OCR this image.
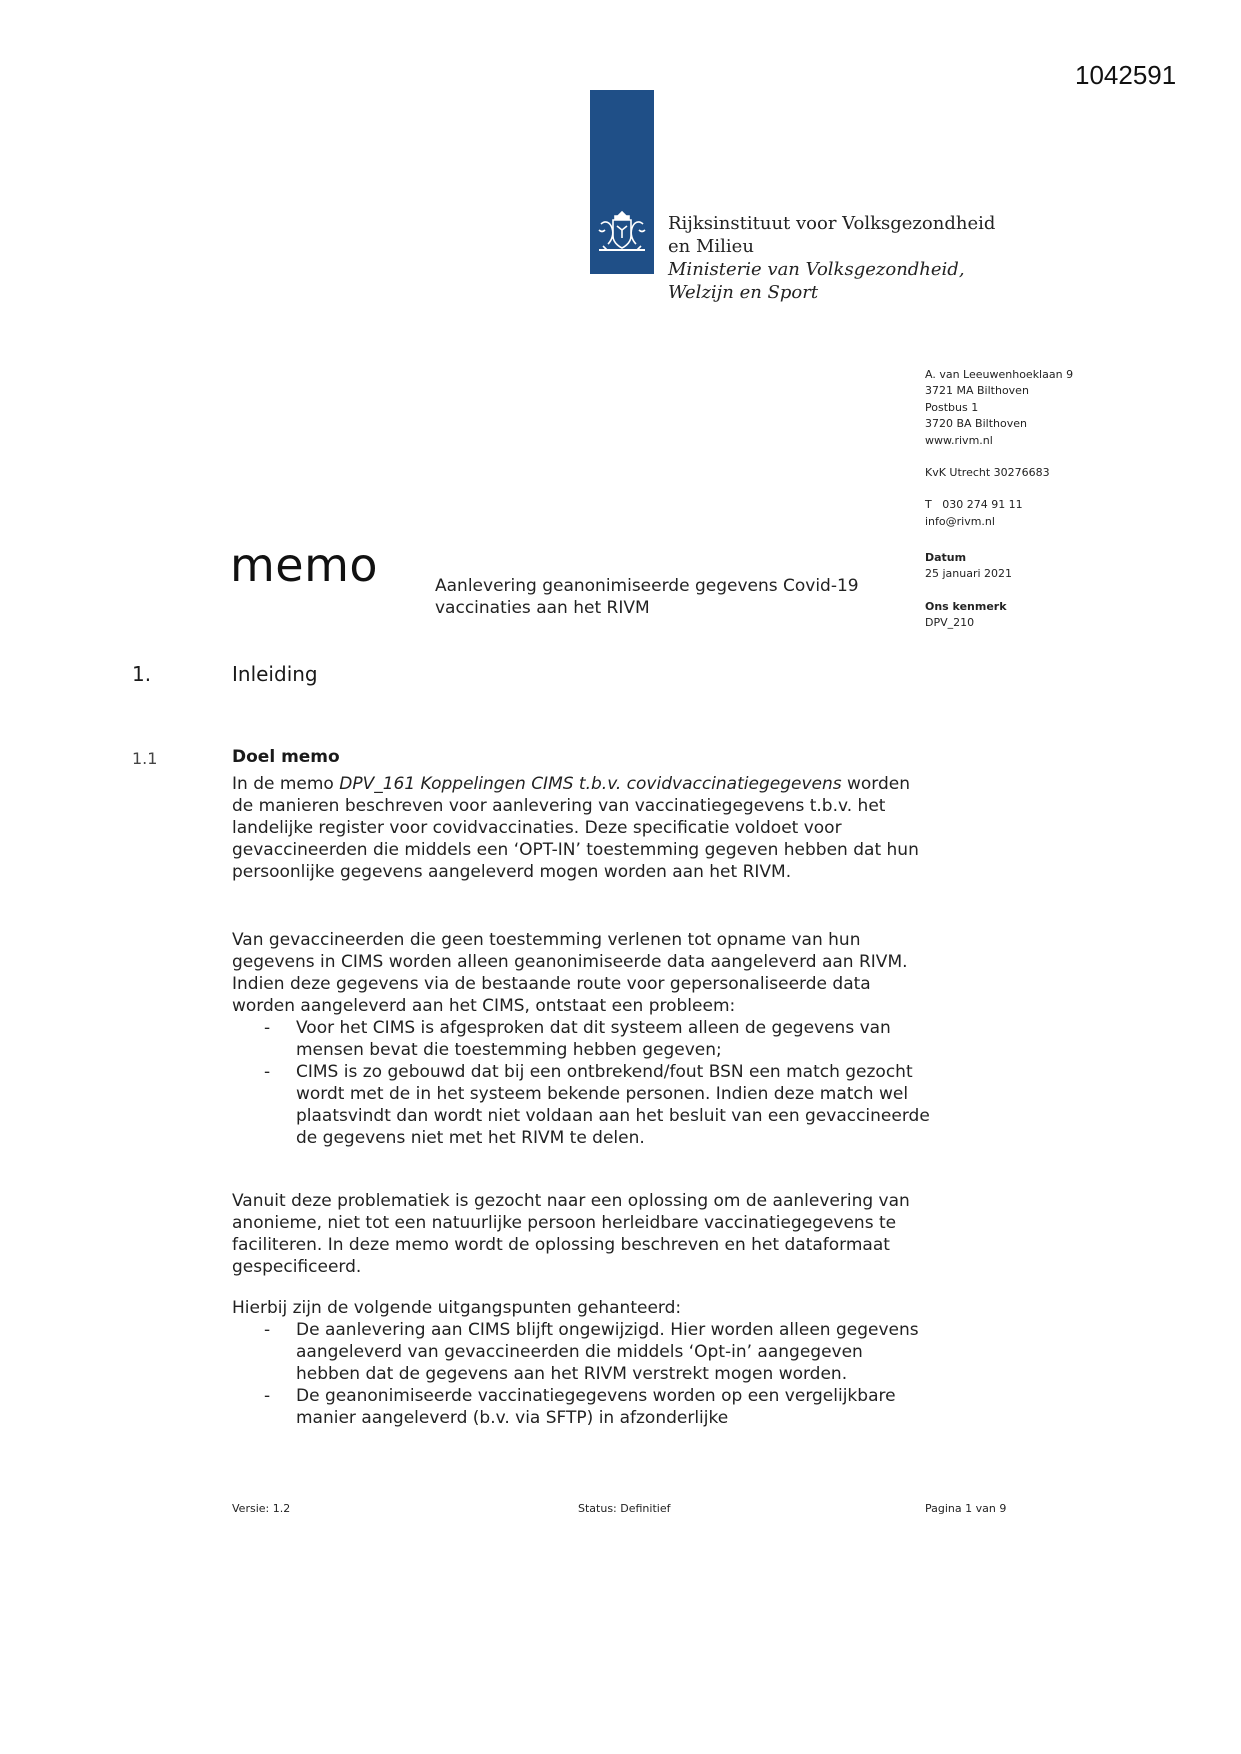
1042591
Rijksinstituut voor Volksgezondheid
en Milieu
Ministerie van Volksgezondheid,
Welzijn en Sport
A. van Leeuwenhoeklaan 9
3721 MA Bilthoven
Postbus 1
3720 BA Bilthoven
www.rivm.nl
KvK Utrecht 30276683
T   030 274 91 11
info@rivm.nl
Datum
25 januari 2021
Ons kenmerk
DPV_210
memo	Aanlevering geanonimiseerde gegevens Covid-19
vaccinaties aan het RIVM
1.	Inleiding
1.1	Doel memo

In de memo DPV_161 Koppelingen CIMS t.b.v. covidvaccinatiegegevens worden de manieren beschreven voor aanlevering van vaccinatiegegevens t.b.v. het landelijke register voor covidvaccinaties. Deze specificatie voldoet voor gevaccineerden die middels een ‘OPT-IN’ toestemming gegeven hebben dat hun persoonlijke gegevens aangeleverd mogen worden aan het RIVM.

Van gevaccineerden die geen toestemming verlenen tot opname van hun gegevens in CIMS worden alleen geanonimiseerde data aangeleverd aan RIVM. Indien deze gegevens via de bestaande route voor gepersonaliseerde data worden aangeleverd aan het CIMS, ontstaat een probleem:

- Voor het CIMS is afgesproken dat dit systeem alleen de gegevens van mensen bevat die toestemming hebben gegeven;
- CIMS is zo gebouwd dat bij een ontbrekend/fout BSN een match gezocht wordt met de in het systeem bekende personen. Indien deze match wel plaatsvindt dan wordt niet voldaan aan het besluit van een gevaccineerde de gegevens niet met het RIVM te delen.

Vanuit deze problematiek is gezocht naar een oplossing om de aanlevering van anonieme, niet tot een natuurlijke persoon herleidbare vaccinatiegegevens te faciliteren. In deze memo wordt de oplossing beschreven en het dataformaat gespecificeerd.

Hierbij zijn de volgende uitgangspunten gehanteerd:

- De aanlevering aan CIMS blijft ongewijzigd. Hier worden alleen gegevens aangeleverd van gevaccineerden die middels ‘Opt-in’ aangegeven hebben dat de gegevens aan het RIVM verstrekt mogen worden.
- De geanonimiseerde vaccinatiegegevens worden op een vergelijkbare manier aangeleverd (b.v. via SFTP) in afzonderlijke
Versie: 1.2	Status: Definitief	Pagina 1 van 9
